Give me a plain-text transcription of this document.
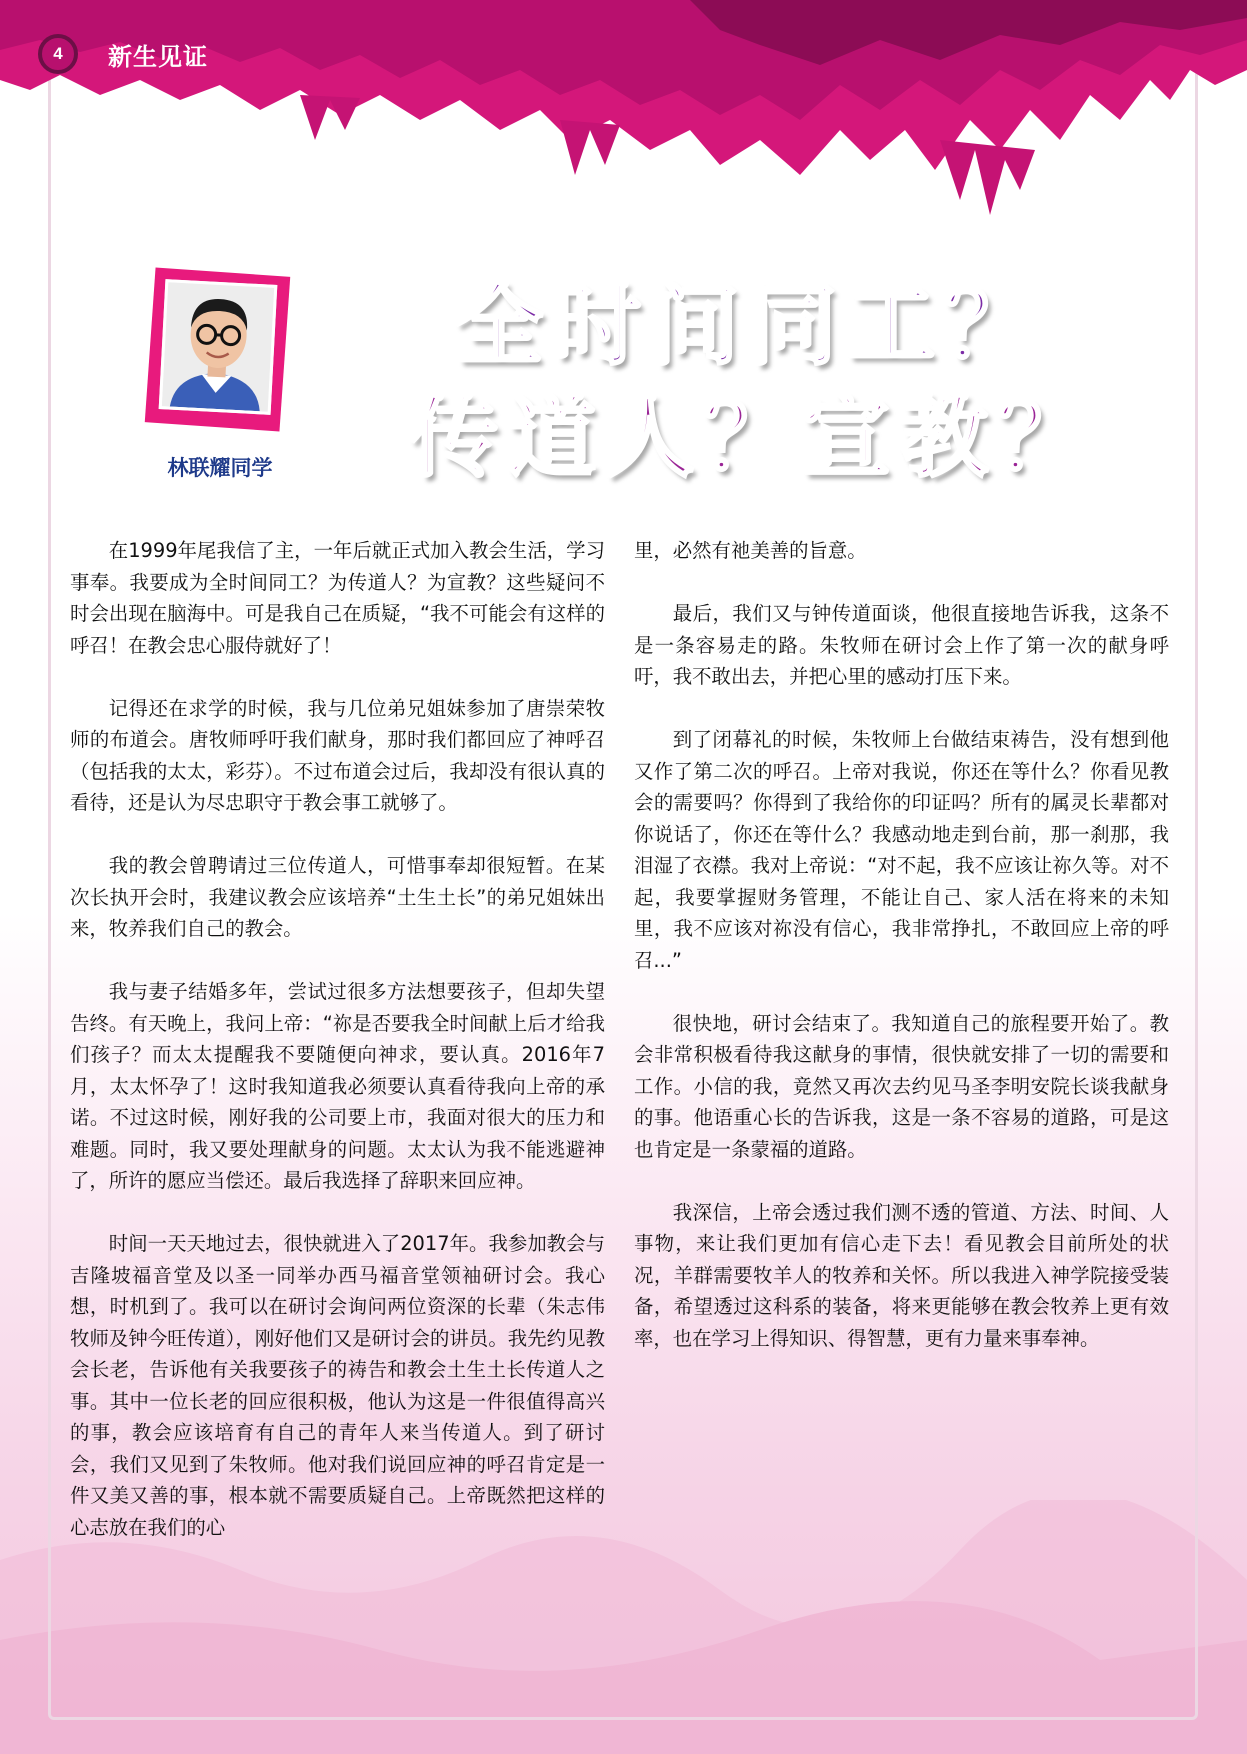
4	新生见证
林联耀同学
全时间同工？
传道人？宣教？

在1999年尾我信了主，一年后就正式加入教会生活，学习事奉。我要成为全时间同工？为传道人？为宣教？这些疑问不时会出现在脑海中。可是我自己在质疑，“我不可能会有这样的呼召！在教会忠心服侍就好了！

记得还在求学的时候，我与几位弟兄姐妹参加了唐崇荣牧师的布道会。唐牧师呼吁我们献身，那时我们都回应了神呼召（包括我的太太，彩芬）。不过布道会过后，我却没有很认真的看待，还是认为尽忠职守于教会事工就够了。

我的教会曾聘请过三位传道人，可惜事奉却很短暂。在某次长执开会时，我建议教会应该培养“土生土长”的弟兄姐妹出来，牧养我们自己的教会。

我与妻子结婚多年，尝试过很多方法想要孩子，但却失望告终。有天晚上，我问上帝：“祢是否要我全时间献上后才给我们孩子？而太太提醒我不要随便向神求，要认真。2016年7月，太太怀孕了！这时我知道我必须要认真看待我向上帝的承诺。不过这时候，刚好我的公司要上市，我面对很大的压力和难题。同时，我又要处理献身的问题。太太认为我不能逃避神了，所许的愿应当偿还。最后我选择了辞职来回应神。

时间一天天地过去，很快就进入了2017年。我参加教会与吉隆坡福音堂及以圣一同举办西马福音堂领袖研讨会。我心想，时机到了。我可以在研讨会询问两位资深的长辈（朱志伟牧师及钟今旺传道），刚好他们又是研讨会的讲员。我先约见教会长老，告诉他有关我要孩子的祷告和教会土生土长传道人之事。其中一位长老的回应很积极，他认为这是一件很值得高兴的事，教会应该培育有自己的青年人来当传道人。到了研讨会，我们又见到了朱牧师。他对我们说回应神的呼召肯定是一件又美又善的事，根本就不需要质疑自己。上帝既然把这样的心志放在我们的心

里，必然有祂美善的旨意。

最后，我们又与钟传道面谈，他很直接地告诉我，这条不是一条容易走的路。朱牧师在研讨会上作了第一次的献身呼吁，我不敢出去，并把心里的感动打压下来。

到了闭幕礼的时候，朱牧师上台做结束祷告，没有想到他又作了第二次的呼召。上帝对我说，你还在等什么？你看见教会的需要吗？你得到了我给你的印证吗？所有的属灵长辈都对你说话了，你还在等什么？我感动地走到台前，那一刹那，我泪湿了衣襟。我对上帝说：“对不起，我不应该让祢久等。对不起，我要掌握财务管理，不能让自己、家人活在将来的未知里，我不应该对祢没有信心，我非常挣扎，不敢回应上帝的呼召...”

很快地，研讨会结束了。我知道自己的旅程要开始了。教会非常积极看待我这献身的事情，很快就安排了一切的需要和工作。小信的我，竟然又再次去约见马圣李明安院长谈我献身的事。他语重心长的告诉我，这是一条不容易的道路，可是这也肯定是一条蒙福的道路。

我深信，上帝会透过我们测不透的管道、方法、时间、人事物，来让我们更加有信心走下去！看见教会目前所处的状况，羊群需要牧羊人的牧养和关怀。所以我进入神学院接受装备，希望透过这科系的装备，将来更能够在教会牧养上更有效率，也在学习上得知识、得智慧，更有力量来事奉神。
